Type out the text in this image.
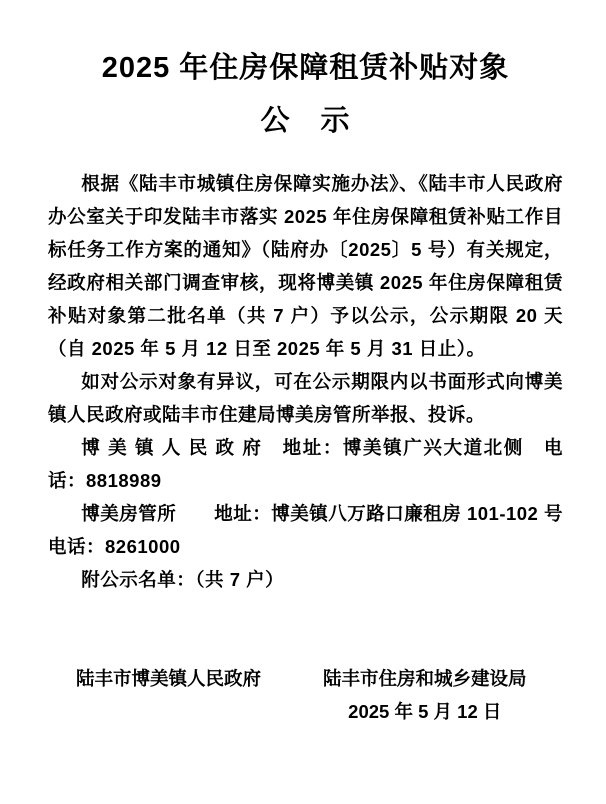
2025 年住房保障租赁补贴对象
公　示

根据《陆丰市城镇住房保障实施办法》、《陆丰市人民政府办公室关于印发陆丰市落实 2025 年住房保障租赁补贴工作目标任务工作方案的通知》（陆府办〔2025〕5 号）有关规定，经政府相关部门调查审核，现将博美镇 2025 年住房保障租赁补贴对象第二批名单（共 7 户）予以公示，公示期限 20 天（自 2025 年 5 月 12 日至 2025 年 5 月 31 日止）。

如对公示对象有异议，可在公示期限内以书面形式向博美镇人民政府或陆丰市住建局博美房管所举报、投诉。

博 美 镇 人 民 政 府　地址：博美镇广兴大道北侧　电话：8818989

博美房管所　　地址：博美镇八万路口廉租房 101-102 号　电话：8261000

附公示名单：（共 7 户）

陆丰市博美镇人民政府	陆丰市住房和城乡建设局
2025 年 5 月 12 日
